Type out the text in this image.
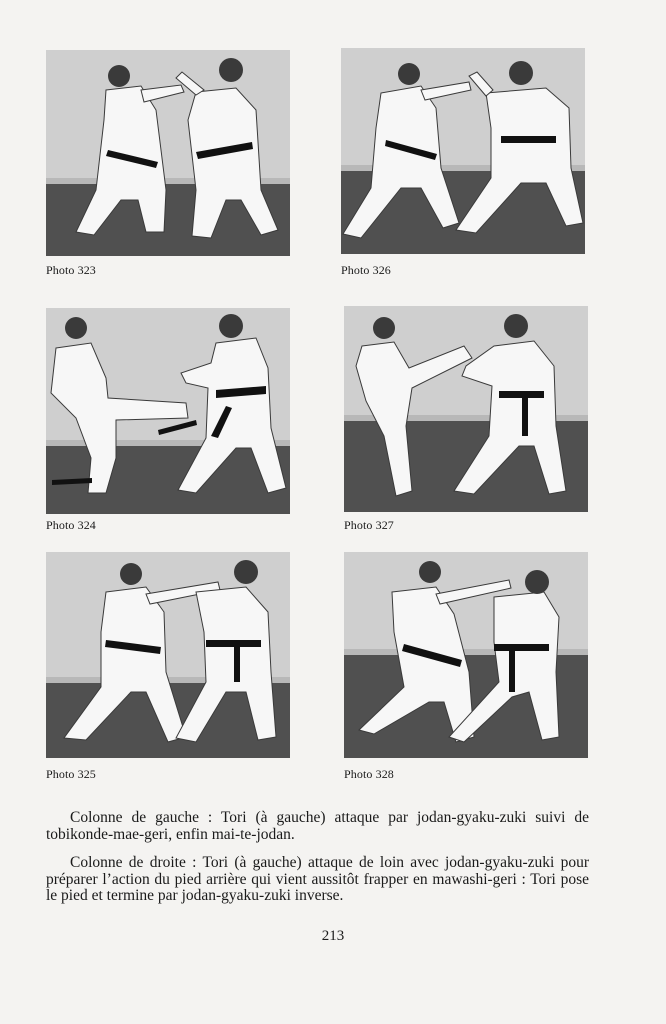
Photo 323	Photo 326
Photo 324	Photo 327
Photo 325	Photo 328

Colonne de gauche : Tori (à gauche) attaque par jodan-gyaku-zuki suivi de tobikonde-mae-geri, enfin mai-te-jodan.

Colonne de droite : Tori (à gauche) attaque de loin avec jodan-gyaku-zuki pour préparer l’action du pied arrière qui vient aussitôt frapper en mawashi-geri : Tori pose le pied et termine par jodan-gyaku-zuki inverse.

213
